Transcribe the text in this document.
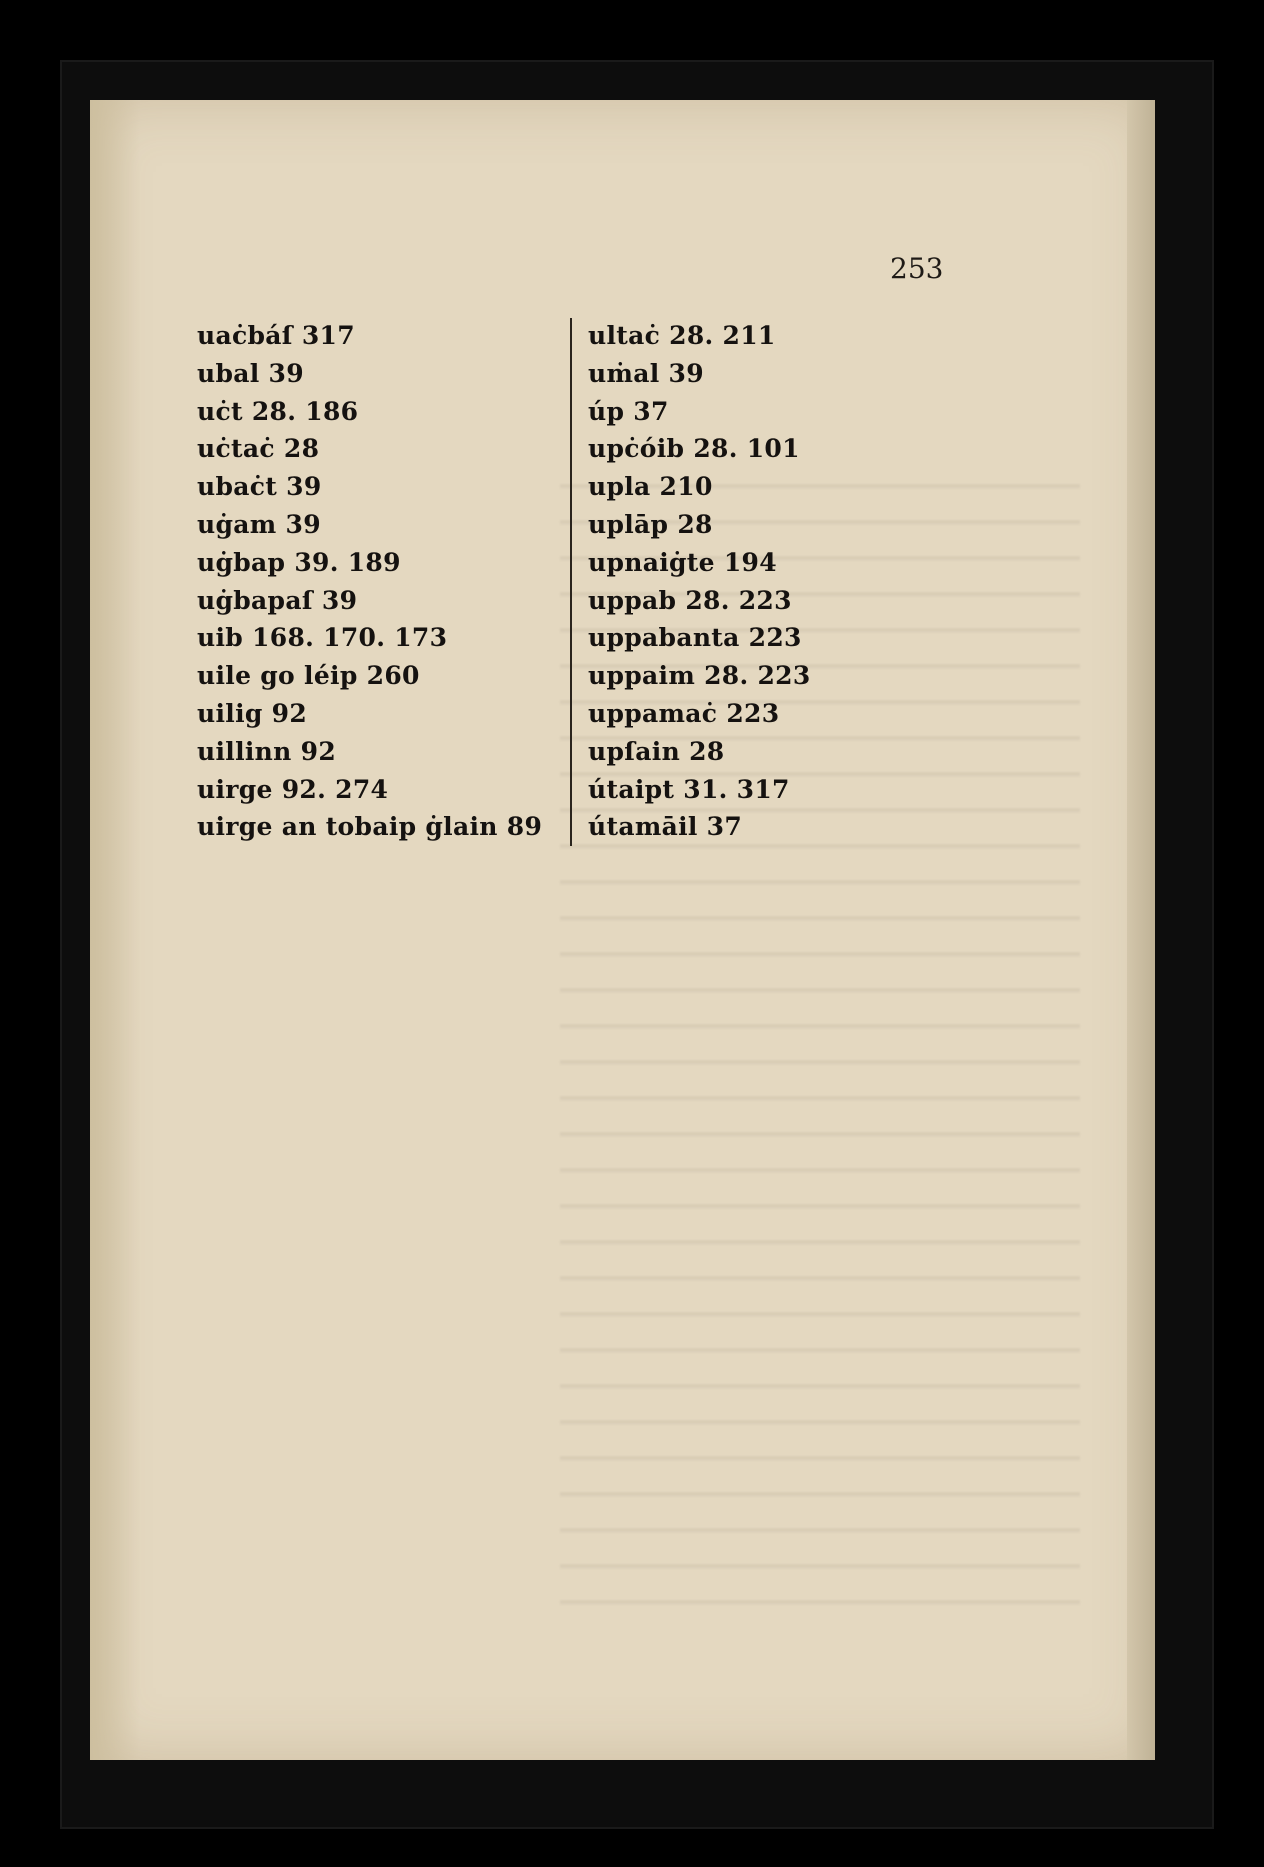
253
uaċbáſ 317
ubal 39
uċt 28. 186
uċtaċ 28
ubaċt 39
uġam 39
uġbap 39. 189
uġbapaſ 39
uib 168. 170. 173
uile go léip 260
uilig 92
uillinn 92
uirge 92. 274
uirge an tobaip ġlain 89
ultaċ 28. 211
uṁal 39
úp 37
upċóib 28. 101
upla 210
uplāp 28
upnaiġte 194
uppab 28. 223
uppabanta 223
uppaim 28. 223
uppamaċ 223
upſain 28
útaipt 31. 317
útamāil 37
